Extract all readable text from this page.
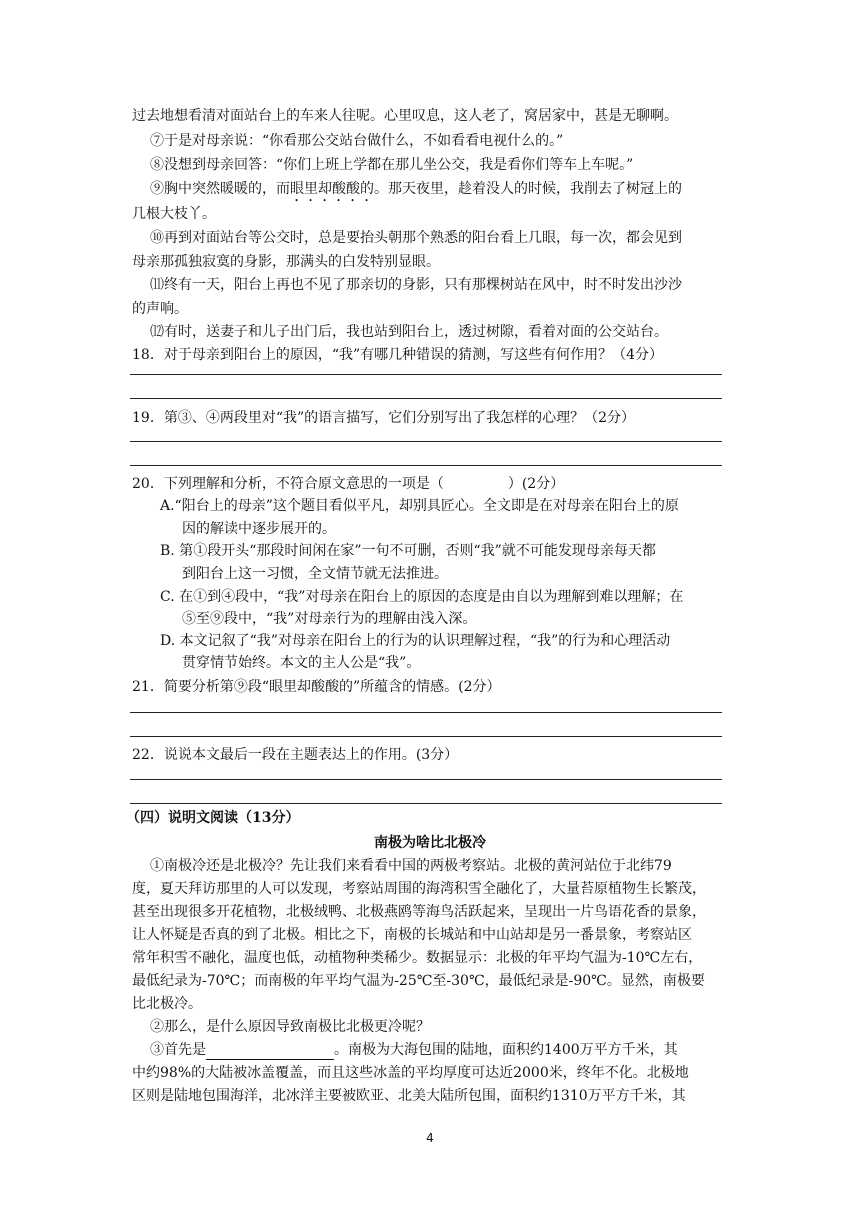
过去地想看清对面站台上的车来人往呢。心里叹息，这人老了，窝居家中，甚是无聊啊。
⑦于是对母亲说：“你看那公交站台做什么，不如看看电视什么的。”
⑧没想到母亲回答：“你们上班上学都在那儿坐公交，我是看你们等车上车呢。”
⑨胸中突然暖暖的，而眼里却酸酸的。那天夜里，趁着没人的时候，我削去了树冠上的
几根大枝丫。
⑩再到对面站台等公交时，总是要抬头朝那个熟悉的阳台看上几眼，每一次，都会见到
母亲那孤独寂寞的身影，那满头的白发特别显眼。
⑾终有一天，阳台上再也不见了那亲切的身影，只有那棵树站在风中，时不时发出沙沙
的声响。
⑿有时，送妻子和儿子出门后，我也站到阳台上，透过树隙，看着对面的公交站台。
18．对于母亲到阳台上的原因，“我”有哪几种错误的猜测，写这些有何作用？（4分）
19．第③、④两段里对“我”的语言描写，它们分别写出了我怎样的心理？（2分）
20．下列理解和分析，不符合原文意思的一项是（	）(2分）
A.“阳台上的母亲”这个题目看似平凡，却别具匠心。全文即是在对母亲在阳台上的原
因的解读中逐步展开的。
B. 第①段开头“那段时间闲在家”一句不可删，否则“我”就不可能发现母亲每天都
到阳台上这一习惯，全文情节就无法推进。
C. 在①到④段中，“我”对母亲在阳台上的原因的态度是由自以为理解到难以理解；在
⑤至⑨段中，“我”对母亲行为的理解由浅入深。
D. 本文记叙了“我”对母亲在阳台上的行为的认识理解过程，“我”的行为和心理活动
贯穿情节始终。本文的主人公是“我”。
21．简要分析第⑨段“眼里却酸酸的”所蕴含的情感。(2分）
22．说说本文最后一段在主题表达上的作用。(3分）
（四）说明文阅读（13分）
南极为啥比北极冷
①南极冷还是北极冷？先让我们来看看中国的两极考察站。北极的黄河站位于北纬79
度，夏天拜访那里的人可以发现，考察站周围的海湾积雪全融化了，大量苔原植物生长繁茂，
甚至出现很多开花植物，北极绒鸭、北极燕鸥等海鸟活跃起来，呈现出一片鸟语花香的景象，
让人怀疑是否真的到了北极。相比之下，南极的长城站和中山站却是另一番景象，考察站区
常年积雪不融化，温度也低，动植物种类稀少。数据显示：北极的年平均气温为-10℃左右，
最低纪录为-70℃；而南极的年平均气温为-25℃至-30℃，最低纪录是-90℃。显然，南极要
比北极冷。
②那么，是什么原因导致南极比北极更冷呢？
③首先是	。南极为大海包围的陆地，面积约1400万平方千米，其
中约98%的大陆被冰盖覆盖，而且这些冰盖的平均厚度可达近2000米，终年不化。北极地
区则是陆地包围海洋，北冰洋主要被欧亚、北美大陆所包围，面积约1310万平方千米，其
4
